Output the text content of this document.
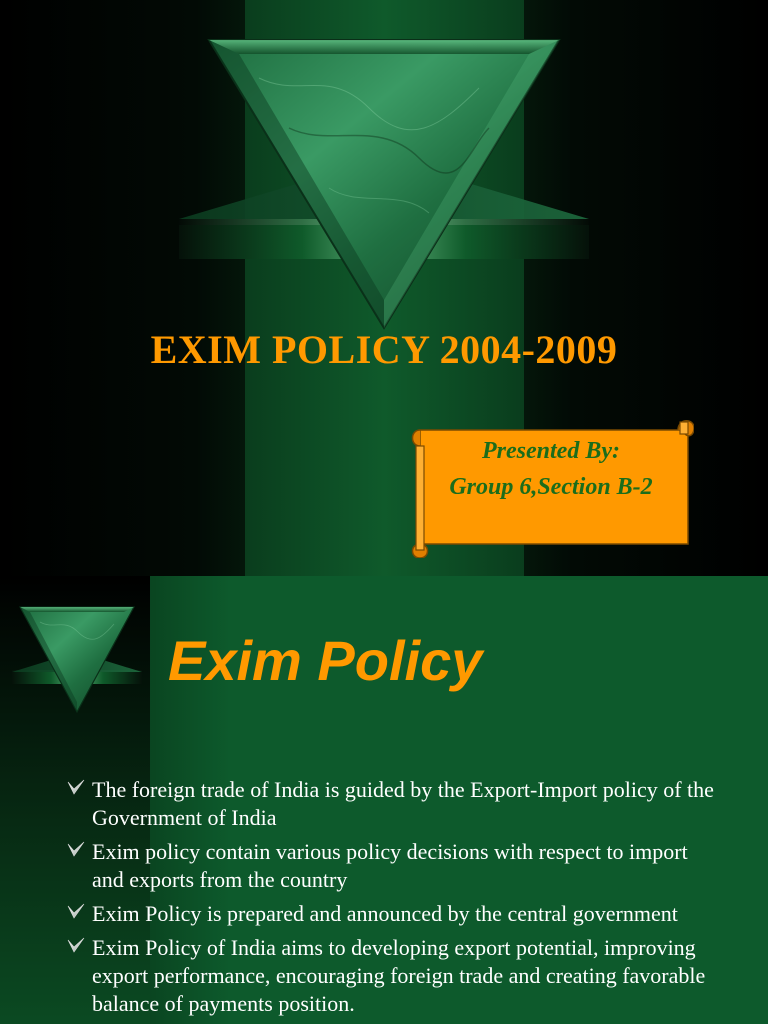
EXIM POLICY 2004-2009
Presented By:
Group 6,Section B-2
Exim Policy
The foreign trade of India is guided by the Export-Import policy of the Government of India
Exim policy contain various policy decisions with respect to import and exports from the country
Exim Policy is prepared and announced by the central government
Exim Policy of India aims to developing export potential, improving export performance, encouraging foreign trade and creating favorable balance of payments position.
